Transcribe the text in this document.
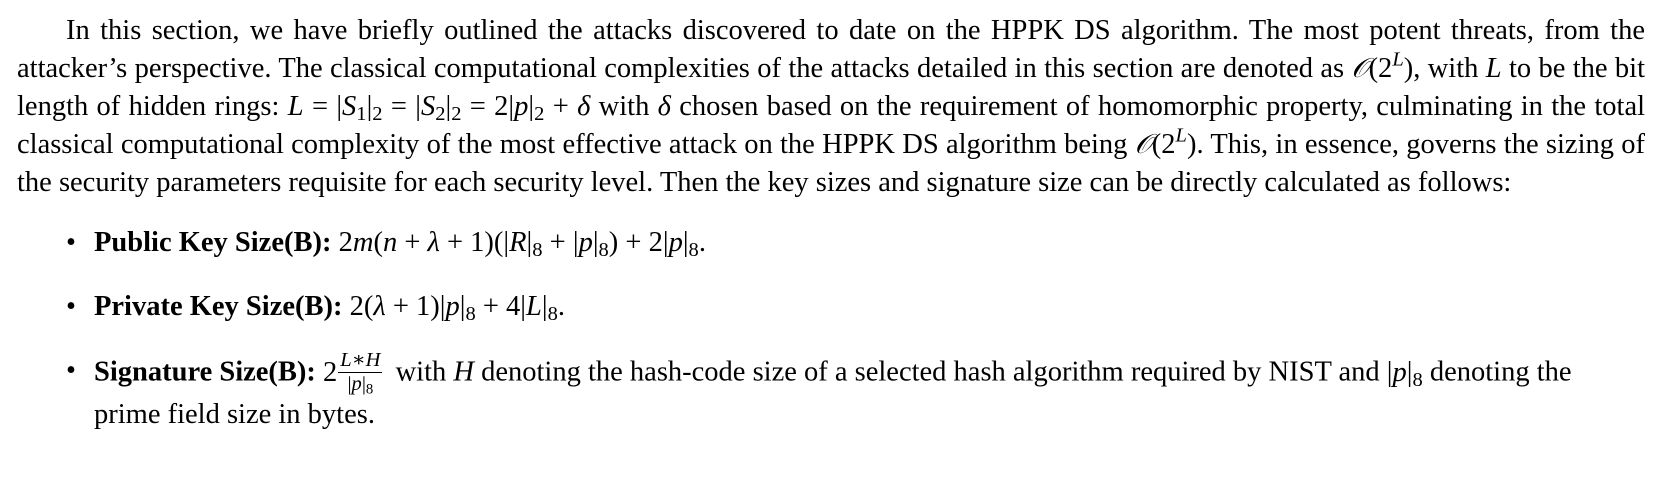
In this section, we have briefly outlined the attacks discovered to date on the HPPK DS algorithm. The most potent threats, from the attacker’s perspective. The classical computational complexities of the attacks detailed in this section are denoted as $𝒪(2^L)$, with L to be the bit length of hidden rings: $L = |S_1|_2 = |S_2|_2 = 2|p|_2 + \delta$ with δ chosen based on the requirement of homomorphic property, culminating in the total classical computational complexity of the most effective attack on the HPPK DS algorithm being $𝒪(2^L)$. This, in essence, governs the sizing of the security parameters requisite for each security level. Then the key sizes and signature size can be directly calculated as follows:

• Public Key Size(B): $2m(n + \lambda + 1)(|R|_8 + |p|_8) + 2|p|_8$.
• Private Key Size(B): $2(\lambda + 1)|p|_8 + 4|L|_8$.
• Signature Size(B): $2 \frac{L∗H}{|p|_8}$ with H denoting the hash-code size of a selected hash algorithm required by NIST and $|p|_8$ denoting the prime field size in bytes.
